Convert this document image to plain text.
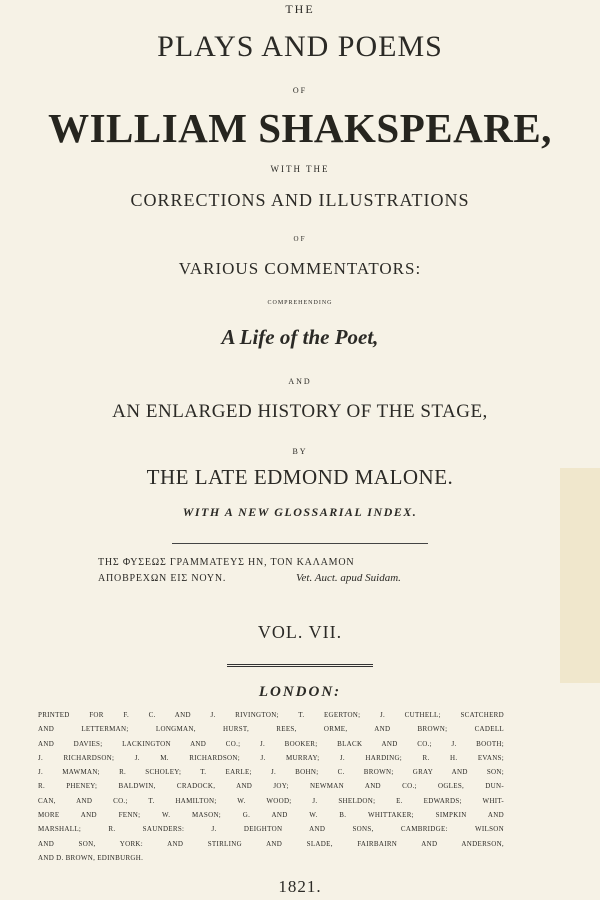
THE
PLAYS AND POEMS
OF
WILLIAM SHAKSPEARE,
WITH THE
CORRECTIONS AND ILLUSTRATIONS
OF
VARIOUS COMMENTATORS:
COMPREHENDING
A Life of the Poet,
AND
AN ENLARGED HISTORY OF THE STAGE,
BY
THE LATE EDMOND MALONE.
WITH A NEW GLOSSARIAL INDEX.
ΤΗΣ ΦΥΣΕΩΣ ΓΡΑΜΜΑΤΕΥΣ ΗΝ, ΤΟΝ ΚΑΛΑΜΟΝ
ΑΠΟΒΡΕΧΩΝ ΕΙΣ ΝΟΥΝ.	Vet. Auct. apud Suidam.
VOL. VII.
LONDON:
PRINTED FOR F. C. AND J. RIVINGTON; T. EGERTON; J. CUTHELL; SCATCHERD
AND LETTERMAN; LONGMAN, HURST, REES, ORME, AND BROWN; CADELL
AND DAVIES; LACKINGTON AND CO.; J. BOOKER; BLACK AND CO.; J. BOOTH;
J. RICHARDSON; J. M. RICHARDSON; J. MURRAY; J. HARDING; R. H. EVANS;
J. MAWMAN; R. SCHOLEY; T. EARLE; J. BOHN; C. BROWN; GRAY AND SON;
R. PHENEY; BALDWIN, CRADOCK, AND JOY; NEWMAN AND CO.; OGLES, DUN-
CAN, AND CO.; T. HAMILTON; W. WOOD; J. SHELDON; E. EDWARDS; WHIT-
MORE AND FENN; W. MASON; G. AND W. B. WHITTAKER; SIMPKIN AND
MARSHALL; R. SAUNDERS: J. DEIGHTON AND SONS, CAMBRIDGE: WILSON
AND SON, YORK: AND STIRLING AND SLADE, FAIRBAIRN AND ANDERSON,
AND D. BROWN, EDINBURGH.
1821.
